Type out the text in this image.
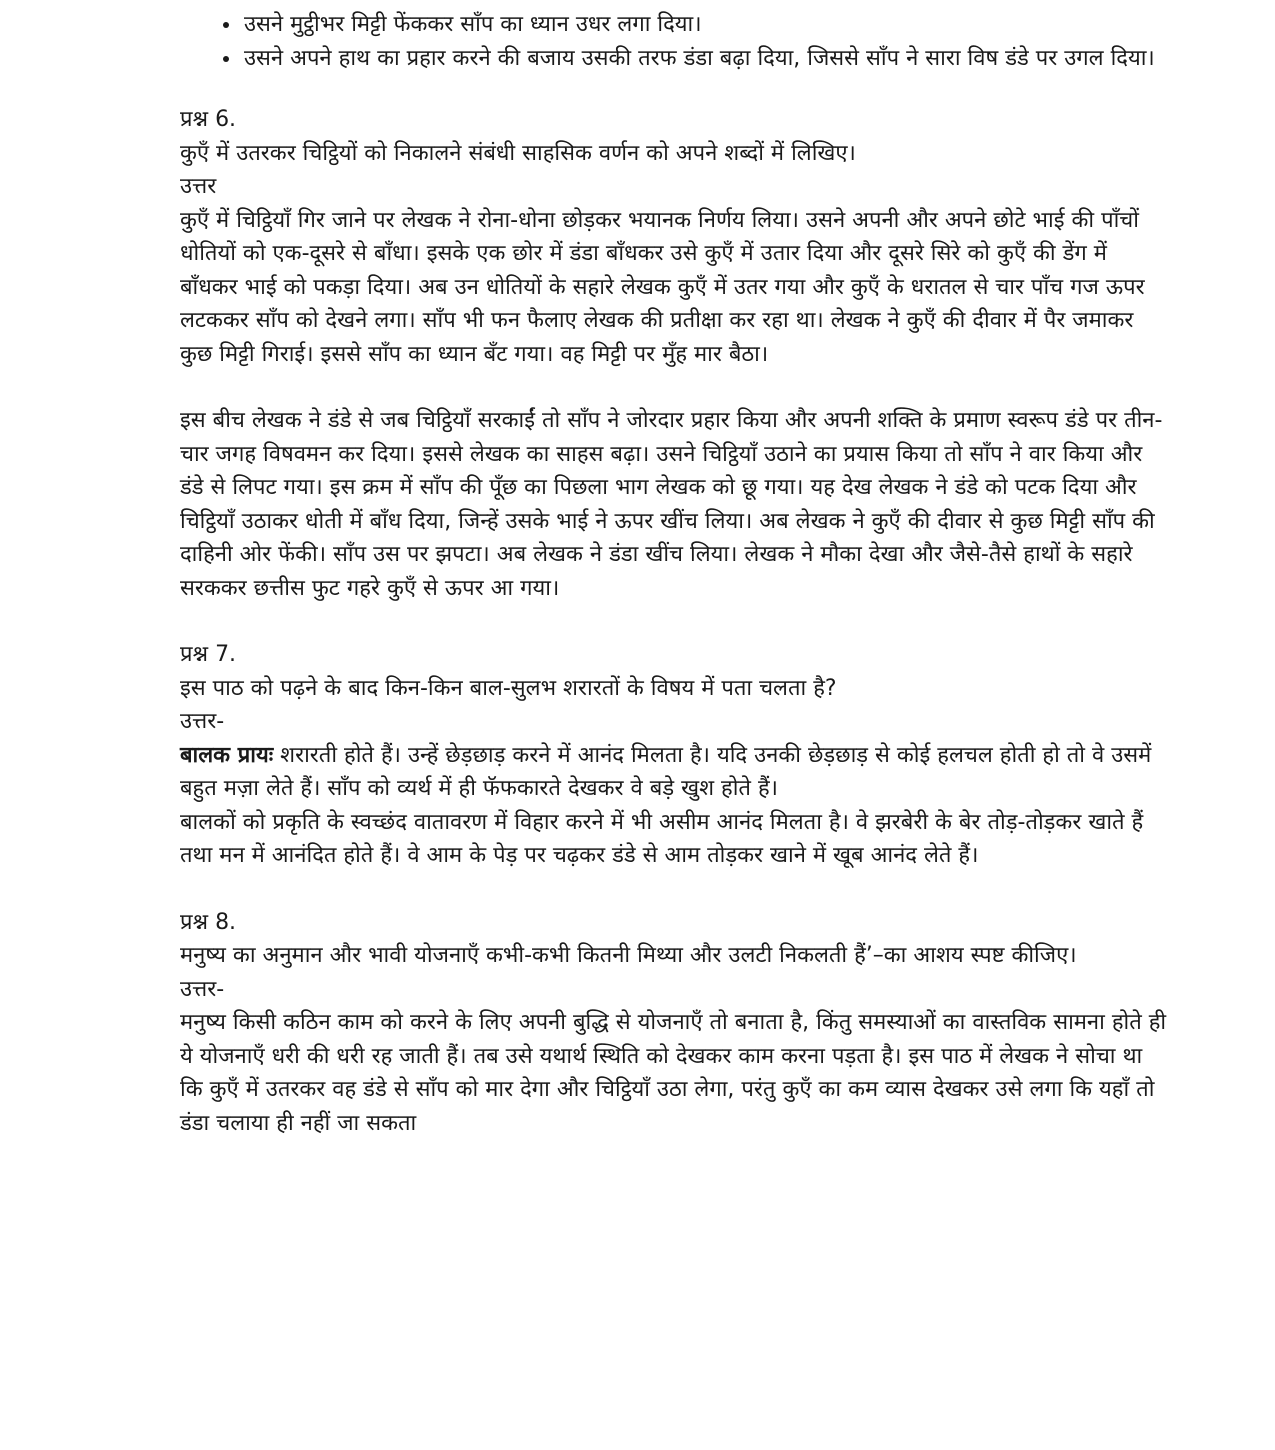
• उसने मुट्ठीभर मिट्टी फेंककर साँप का ध्यान उधर लगा दिया।
• उसने अपने हाथ का प्रहार करने की बजाय उसकी तरफ डंडा बढ़ा दिया, जिससे साँप ने सारा विष डंडे पर उगल दिया।
प्रश्न 6.
कुएँ में उतरकर चिट्ठियों को निकालने संबंधी साहसिक वर्णन को अपने शब्दों में लिखिए।
उत्तर

कुएँ में चिट्ठियाँ गिर जाने पर लेखक ने रोना-धोना छोड़कर भयानक निर्णय लिया। उसने अपनी और अपने छोटे भाई की पाँचों धोतियों को एक-दूसरे से बाँधा। इसके एक छोर में डंडा बाँधकर उसे कुएँ में उतार दिया और दूसरे सिरे को कुएँ की डेंग में बाँधकर भाई को पकड़ा दिया। अब उन धोतियों के सहारे लेखक कुएँ में उतर गया और कुएँ के धरातल से चार पाँच गज ऊपर लटककर साँप को देखने लगा। साँप भी फन फैलाए लेखक की प्रतीक्षा कर रहा था। लेखक ने कुएँ की दीवार में पैर जमाकर कुछ मिट्टी गिराई। इससे साँप का ध्यान बँट गया। वह मिट्टी पर मुँह मार बैठा।

इस बीच लेखक ने डंडे से जब चिट्ठियाँ सरकाईं तो साँप ने जोरदार प्रहार किया और अपनी शक्ति के प्रमाण स्वरूप डंडे पर तीन-चार जगह विषवमन कर दिया। इससे लेखक का साहस बढ़ा। उसने चिट्ठियाँ उठाने का प्रयास किया तो साँप ने वार किया और डंडे से लिपट गया। इस क्रम में साँप की पूँछ का पिछला भाग लेखक को छू गया। यह देख लेखक ने डंडे को पटक दिया और चिट्ठियाँ उठाकर धोती में बाँध दिया, जिन्हें उसके भाई ने ऊपर खींच लिया। अब लेखक ने कुएँ की दीवार से कुछ मिट्टी साँप की दाहिनी ओर फेंकी। साँप उस पर झपटा। अब लेखक ने डंडा खींच लिया। लेखक ने मौका देखा और जैसे-तैसे हाथों के सहारे सरककर छत्तीस फुट गहरे कुएँ से ऊपर आ गया।

प्रश्न 7.
इस पाठ को पढ़ने के बाद किन-किन बाल-सुलभ शरारतों के विषय में पता चलता है?
उत्तर-

बालक प्रायः शरारती होते हैं। उन्हें छेड़छाड़ करने में आनंद मिलता है। यदि उनकी छेड़छाड़ से कोई हलचल होती हो तो वे उसमें बहुत मज़ा लेते हैं। साँप को व्यर्थ में ही फॅफकारते देखकर वे बड़े खुश होते हैं।

बालकों को प्रकृति के स्वच्छंद वातावरण में विहार करने में भी असीम आनंद मिलता है। वे झरबेरी के बेर तोड़-तोड़कर खाते हैं तथा मन में आनंदित होते हैं। वे आम के पेड़ पर चढ़कर डंडे से आम तोड़कर खाने में खूब आनंद लेते हैं।

प्रश्न 8.
मनुष्य का अनुमान और भावी योजनाएँ कभी-कभी कितनी मिथ्या और उलटी निकलती हैं’–का आशय स्पष्ट कीजिए।
उत्तर-

मनुष्य किसी कठिन काम को करने के लिए अपनी बुद्धि से योजनाएँ तो बनाता है, किंतु समस्याओं का वास्तविक सामना होते ही ये योजनाएँ धरी की धरी रह जाती हैं। तब उसे यथार्थ स्थिति को देखकर काम करना पड़ता है। इस पाठ में लेखक ने सोचा था कि कुएँ में उतरकर वह डंडे से साँप को मार देगा और चिट्ठियाँ उठा लेगा, परंतु कुएँ का कम व्यास देखकर उसे लगा कि यहाँ तो डंडा चलाया ही नहीं जा सकता
